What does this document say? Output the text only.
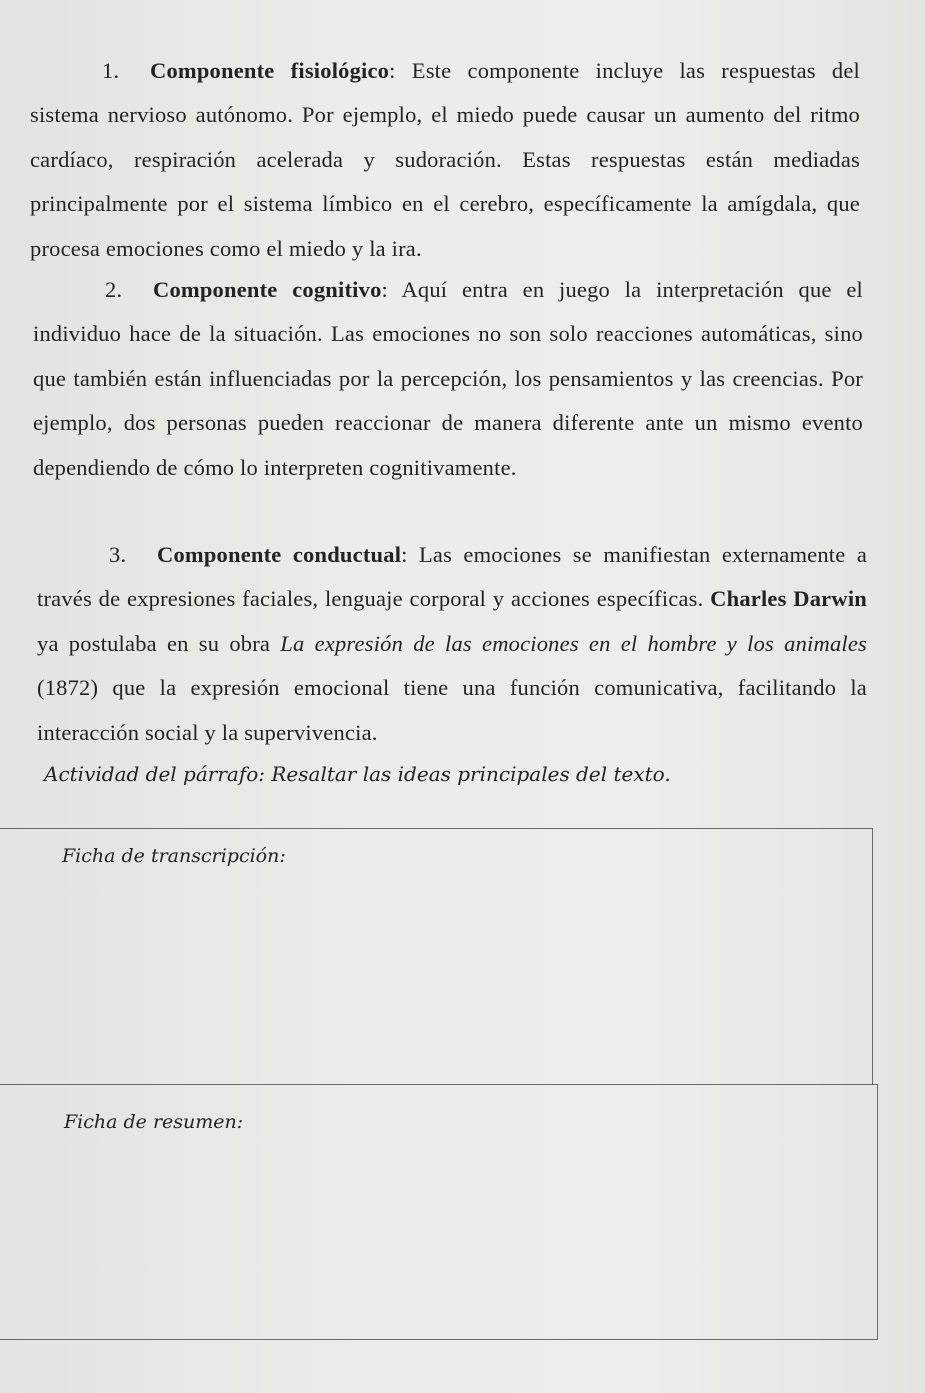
1. Componente fisiológico: Este componente incluye las respuestas del sistema nervioso autónomo. Por ejemplo, el miedo puede causar un aumento del ritmo cardíaco, respiración acelerada y sudoración. Estas respuestas están mediadas principalmente por el sistema límbico en el cerebro, específicamente la amígdala, que procesa emociones como el miedo y la ira.

2. Componente cognitivo: Aquí entra en juego la interpretación que el individuo hace de la situación. Las emociones no son solo reacciones automáticas, sino que también están influenciadas por la percepción, los pensamientos y las creencias. Por ejemplo, dos personas pueden reaccionar de manera diferente ante un mismo evento dependiendo de cómo lo interpreten cognitivamente.

3. Componente conductual: Las emociones se manifiestan externamente a través de expresiones faciales, lenguaje corporal y acciones específicas. Charles Darwin ya postulaba en su obra La expresión de las emociones en el hombre y los animales (1872) que la expresión emocional tiene una función comunicativa, facilitando la interacción social y la supervivencia.

Actividad del párrafo: Resaltar las ideas principales del texto.
Ficha de transcripción:
Ficha de resumen:
